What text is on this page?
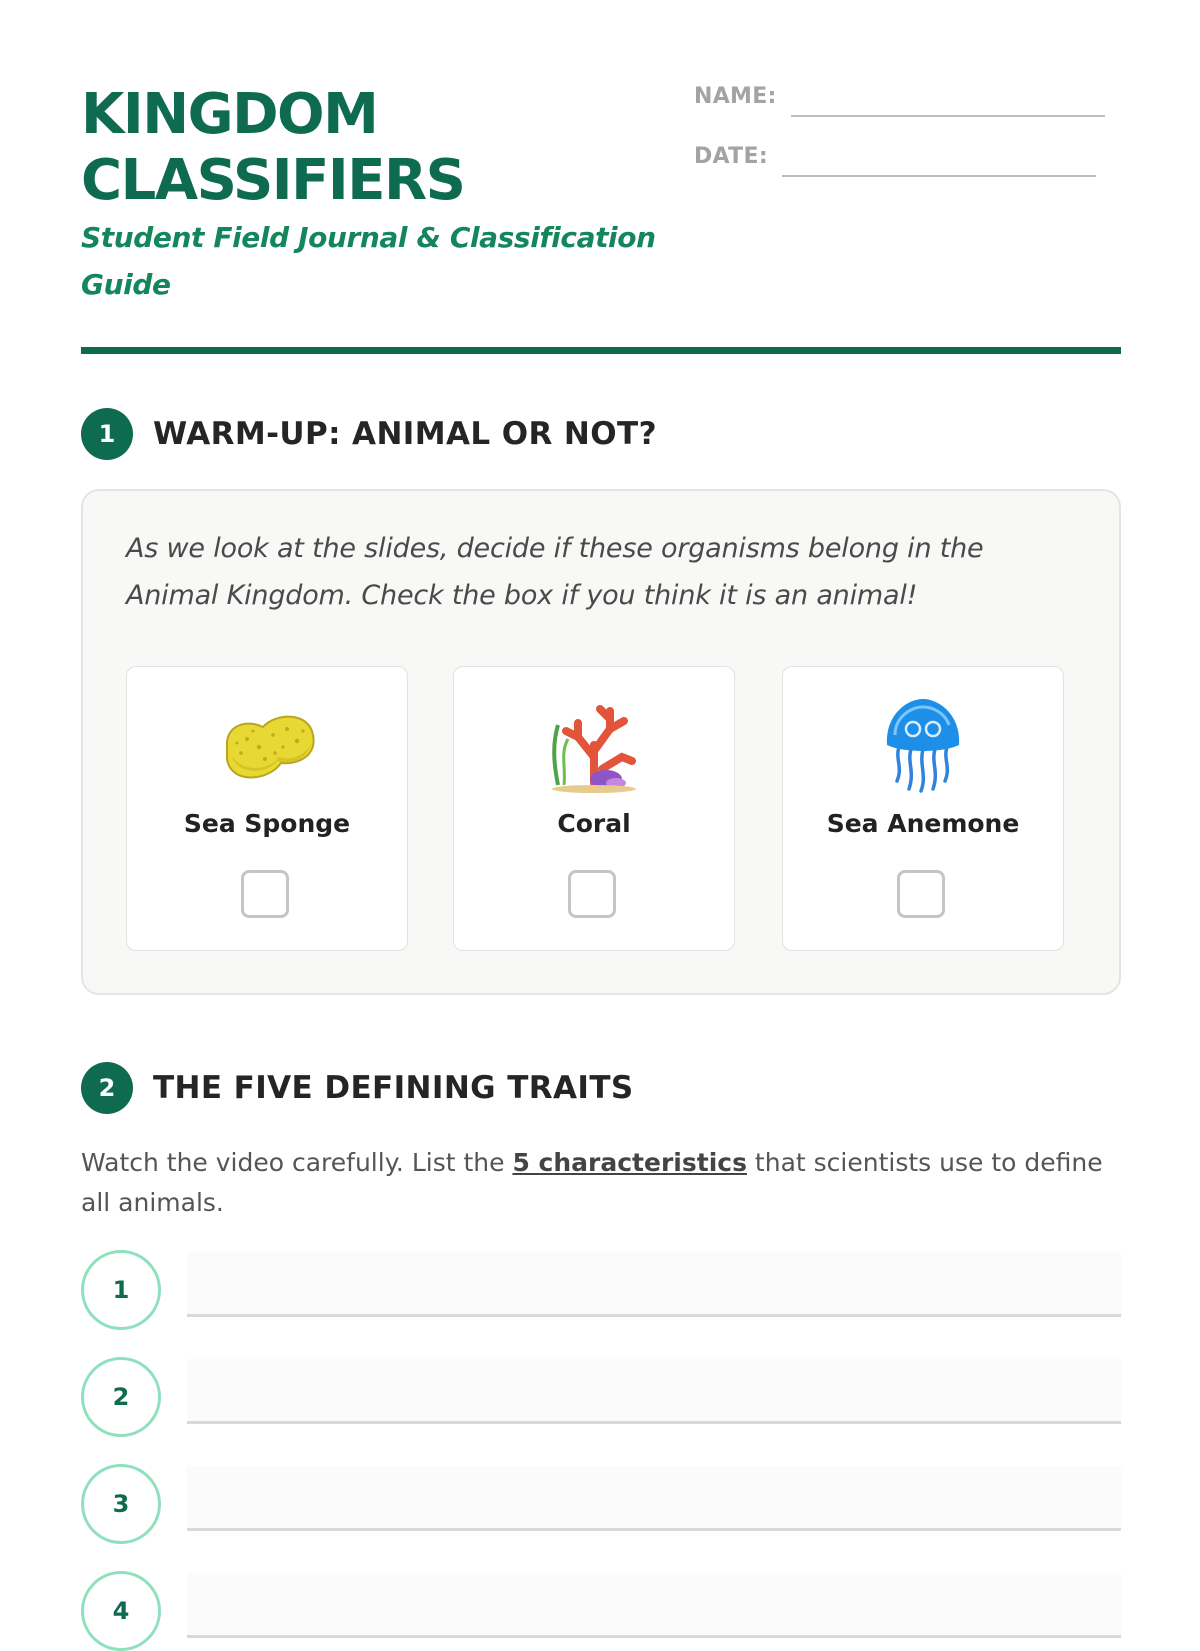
KINGDOM
CLASSIFIERS
Student Field Journal & Classification Guide
NAME:
DATE:
1	WARM-UP: ANIMAL OR NOT?
As we look at the slides, decide if these organisms belong in the Animal Kingdom. Check the box if you think it is an animal!
Sea Sponge	Coral	Sea Anemone
2	THE FIVE DEFINING TRAITS
Watch the video carefully. List the 5 characteristics that scientists use to define all animals.
1
2
3
4
